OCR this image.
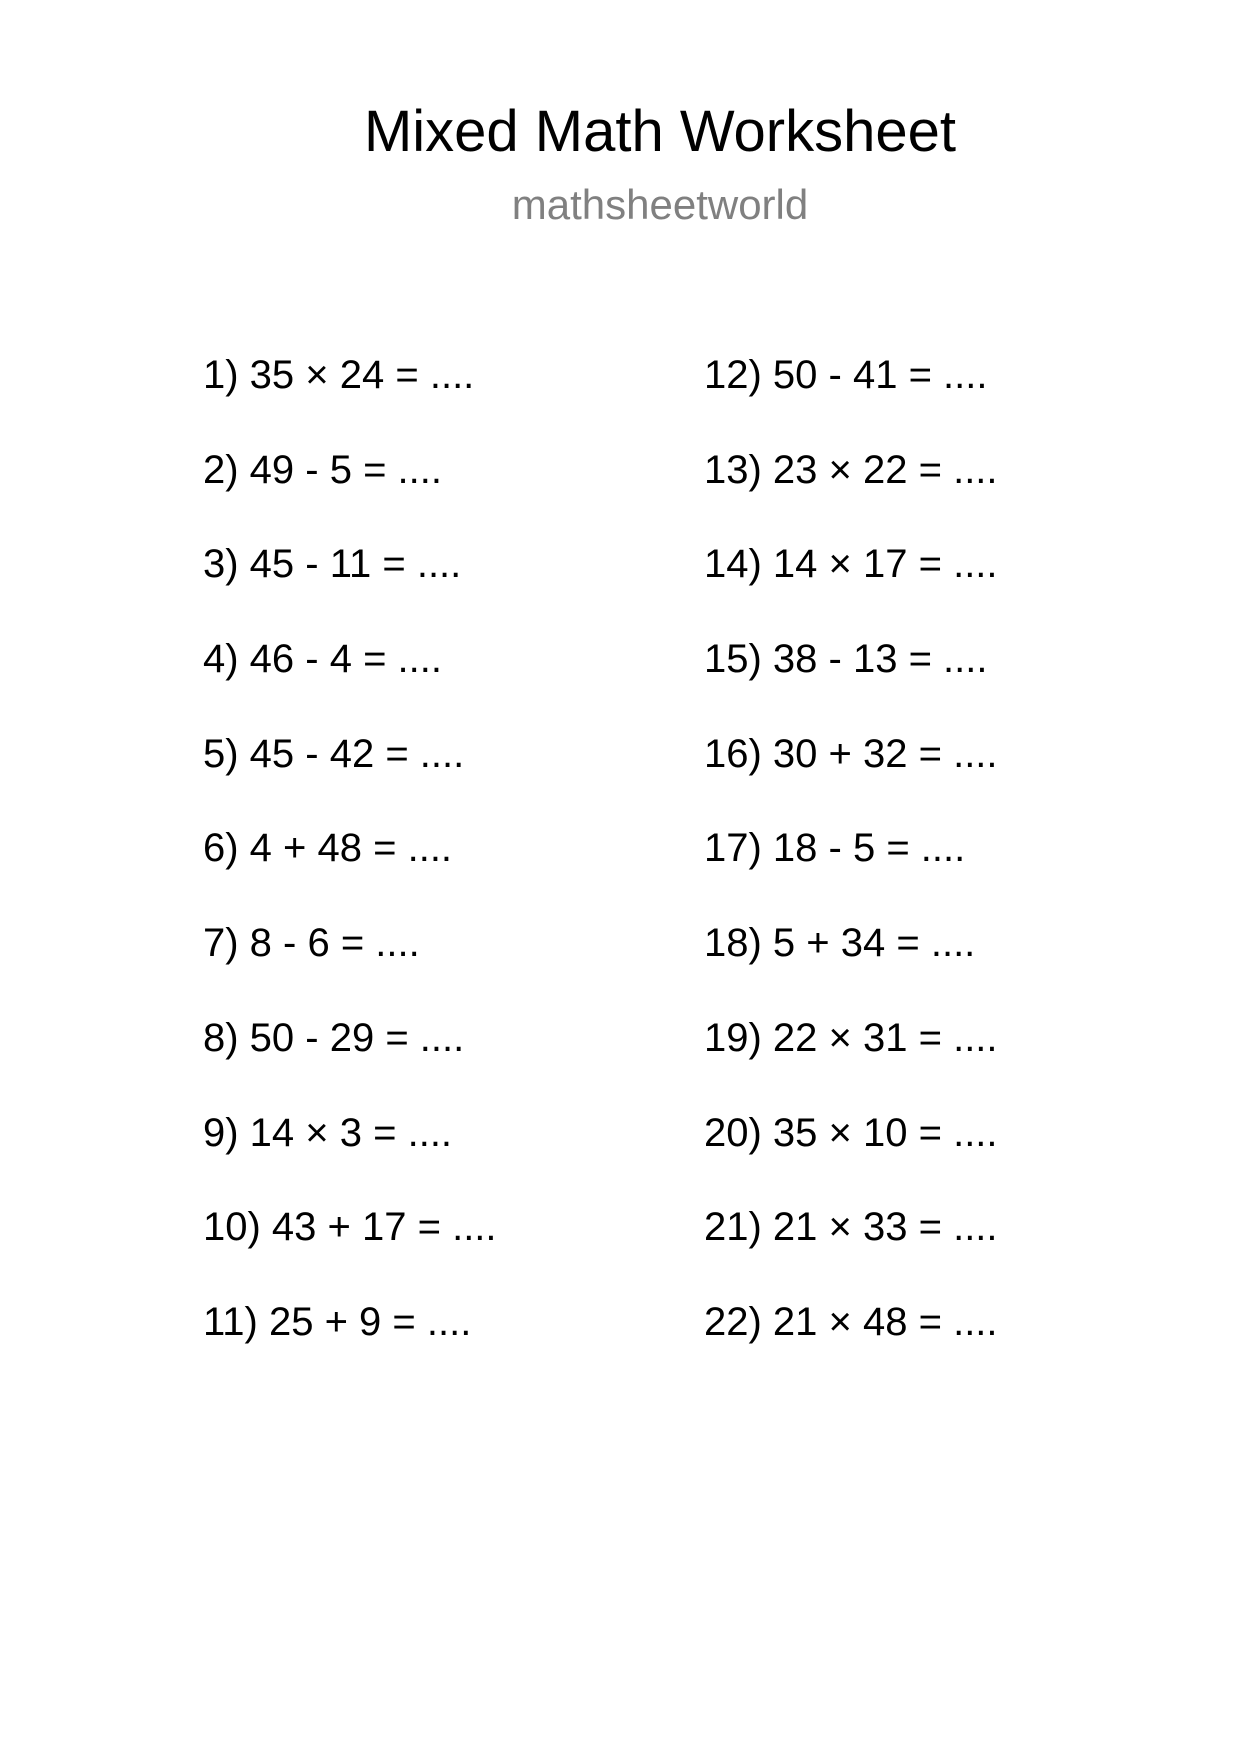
Mixed Math Worksheet
mathsheetworld
1) 35 × 24 = ....
2) 49 - 5 = ....
3) 45 - 11 = ....
4) 46 - 4 = ....
5) 45 - 42 = ....
6) 4 + 48 = ....
7) 8 - 6 = ....
8) 50 - 29 = ....
9) 14 × 3 = ....
10) 43 + 17 = ....
11) 25 + 9 = ....
12) 50 - 41 = ....
13) 23 × 22 = ....
14) 14 × 17 = ....
15) 38 - 13 = ....
16) 30 + 32 = ....
17) 18 - 5 = ....
18) 5 + 34 = ....
19) 22 × 31 = ....
20) 35 × 10 = ....
21) 21 × 33 = ....
22) 21 × 48 = ....
